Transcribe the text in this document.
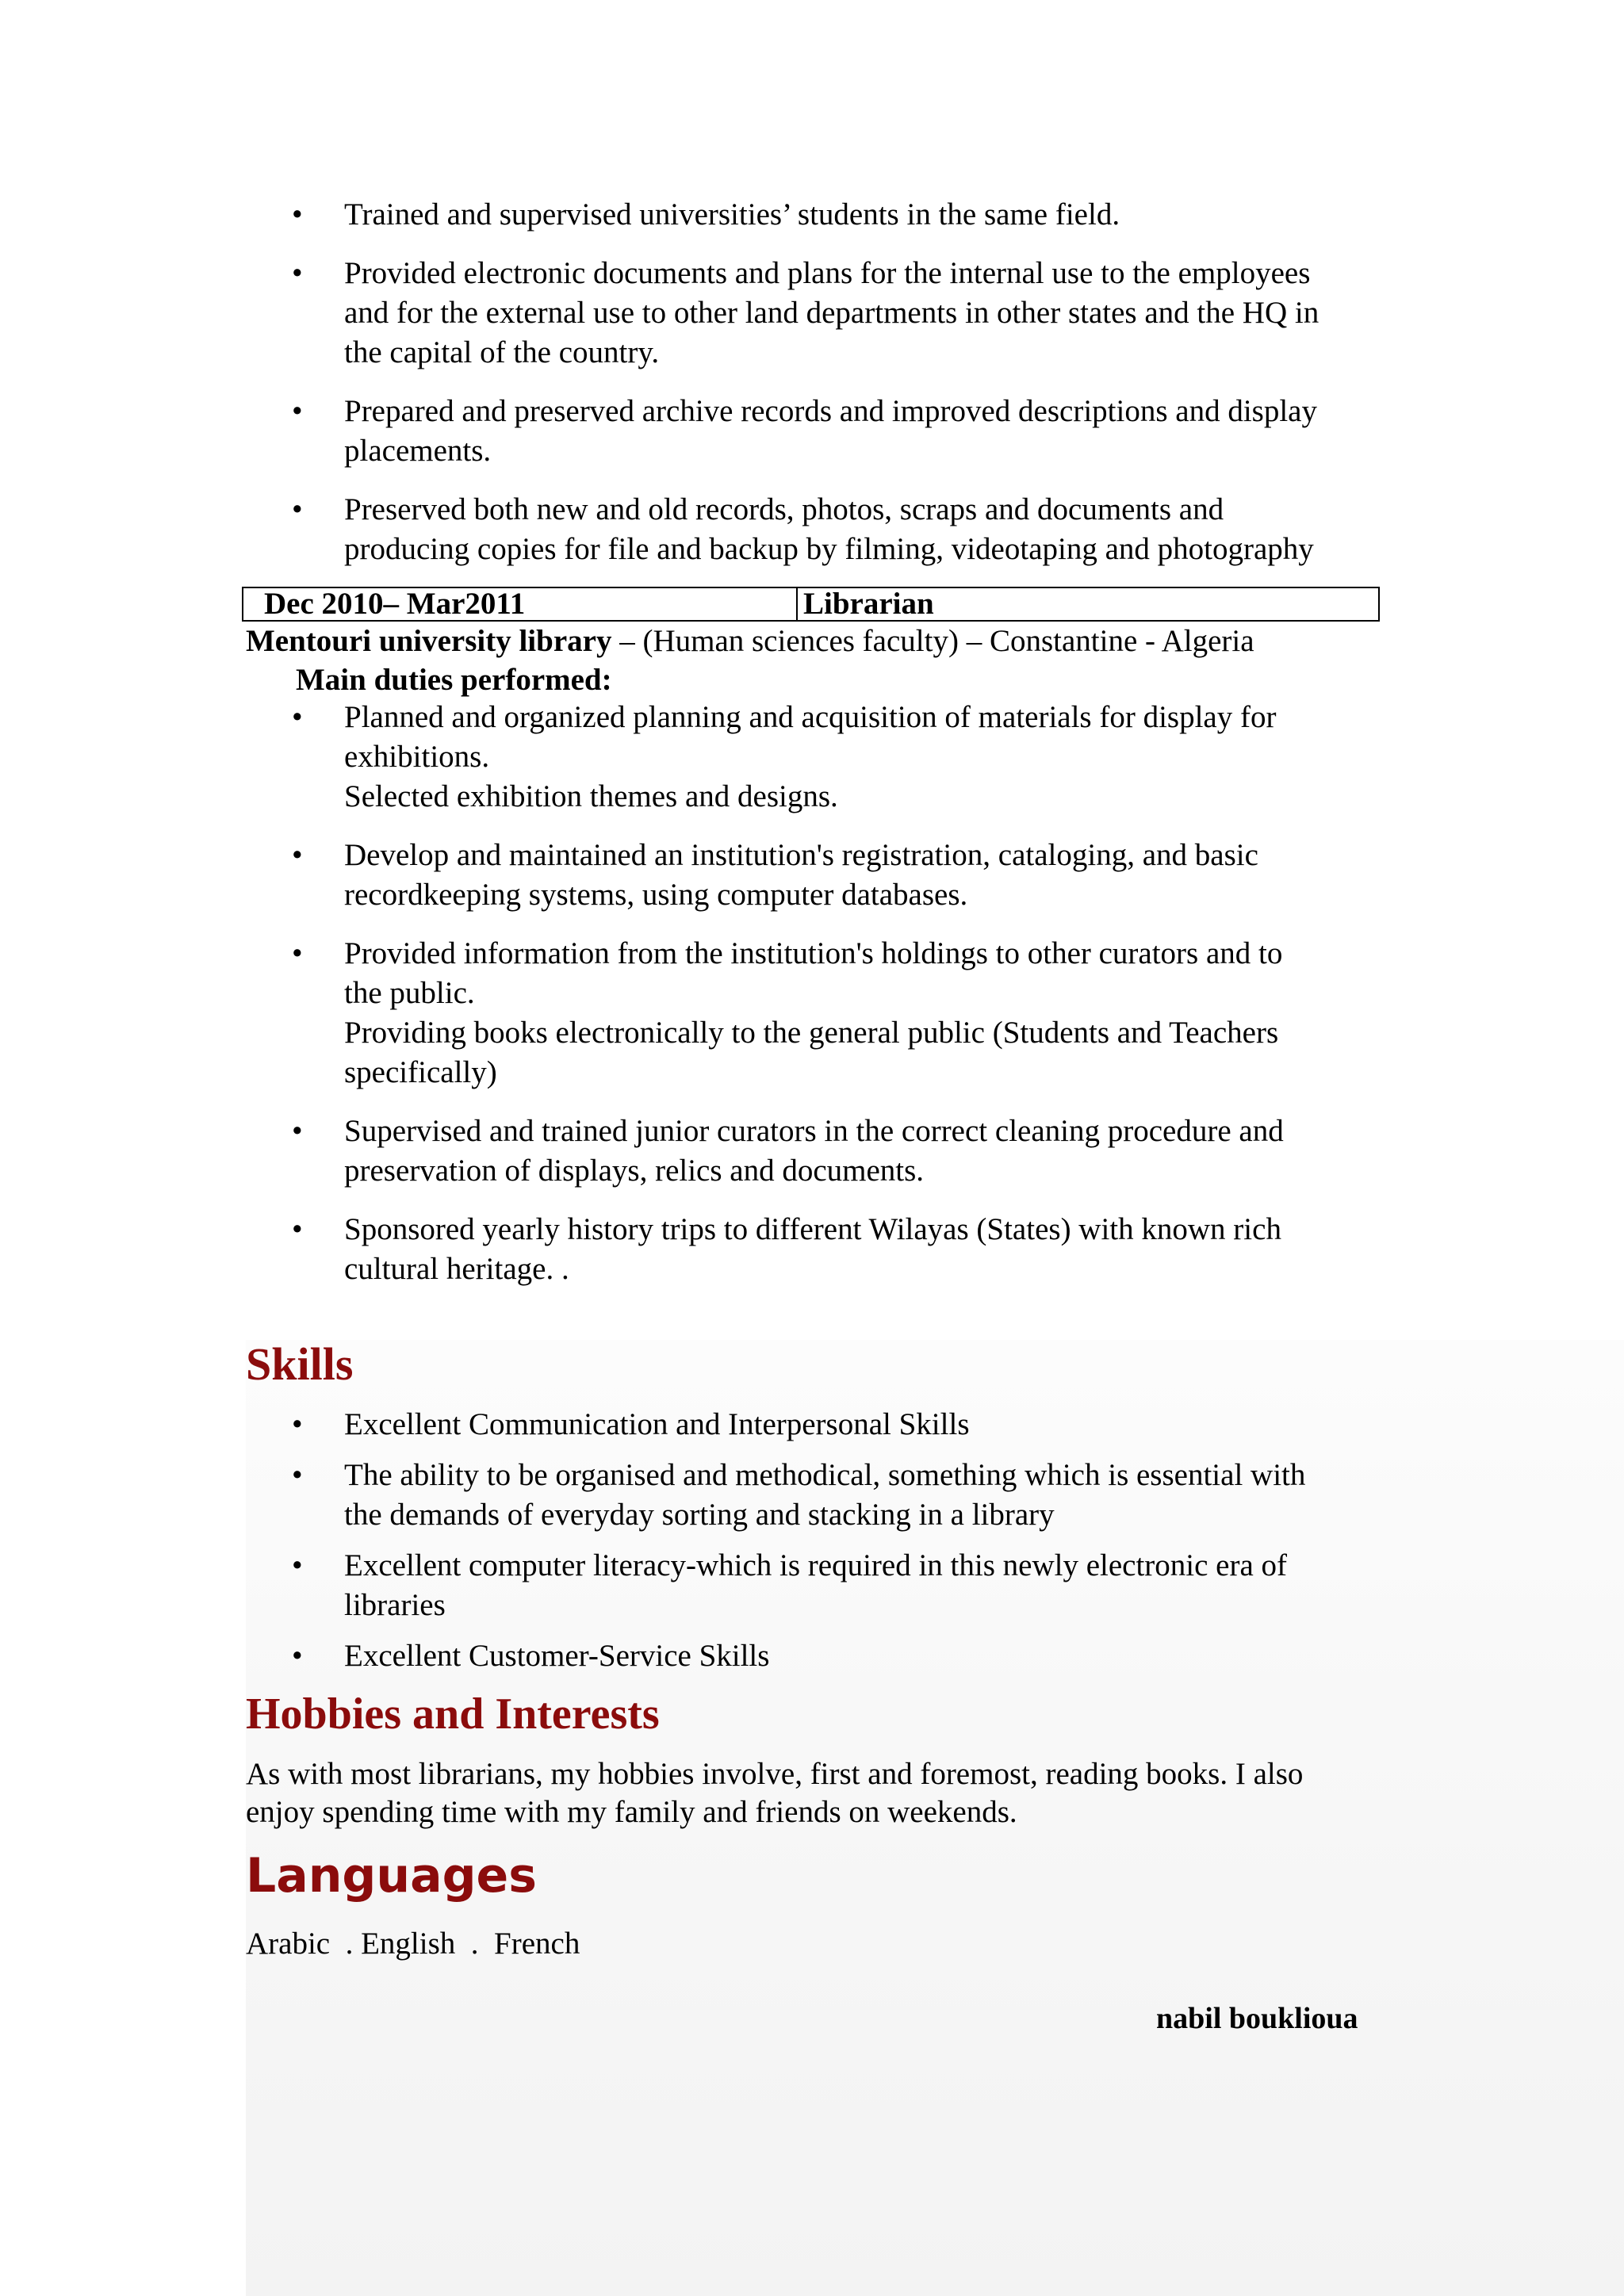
• Trained and supervised universities’ students in the same field.
• Provided electronic documents and plans for the internal use to the employees
and for the external use to other land departments in other states and the HQ in
the capital of the country.
• Prepared and preserved archive records and improved descriptions and display
placements.
• Preserved both new and old records, photos, scraps and documents and
producing copies for file and backup by filming, videotaping and photography
Dec 2010– Mar2011	Librarian
Mentouri university library – (Human sciences faculty) – Constantine - Algeria
Main duties performed:
• Planned and organized planning and acquisition of materials for display for
exhibitions.
Selected exhibition themes and designs.
• Develop and maintained an institution's registration, cataloging, and basic
recordkeeping systems, using computer databases.
• Provided information from the institution's holdings to other curators and to
the public.
Providing books electronically to the general public (Students and Teachers
specifically)
• Supervised and trained junior curators in the correct cleaning procedure and
preservation of displays, relics and documents.
• Sponsored yearly history trips to different Wilayas (States) with known rich
cultural heritage. .
Skills
• Excellent Communication and Interpersonal Skills
• The ability to be organised and methodical, something which is essential with
the demands of everyday sorting and stacking in a library
• Excellent computer literacy-which is required in this newly electronic era of
libraries
• Excellent Customer-Service Skills
Hobbies and Interests
As with most librarians, my hobbies involve, first and foremost, reading books. I also enjoy spending time with my family and friends on weekends.
Languages
Arabic  . English  .  French
nabil bouklioua
